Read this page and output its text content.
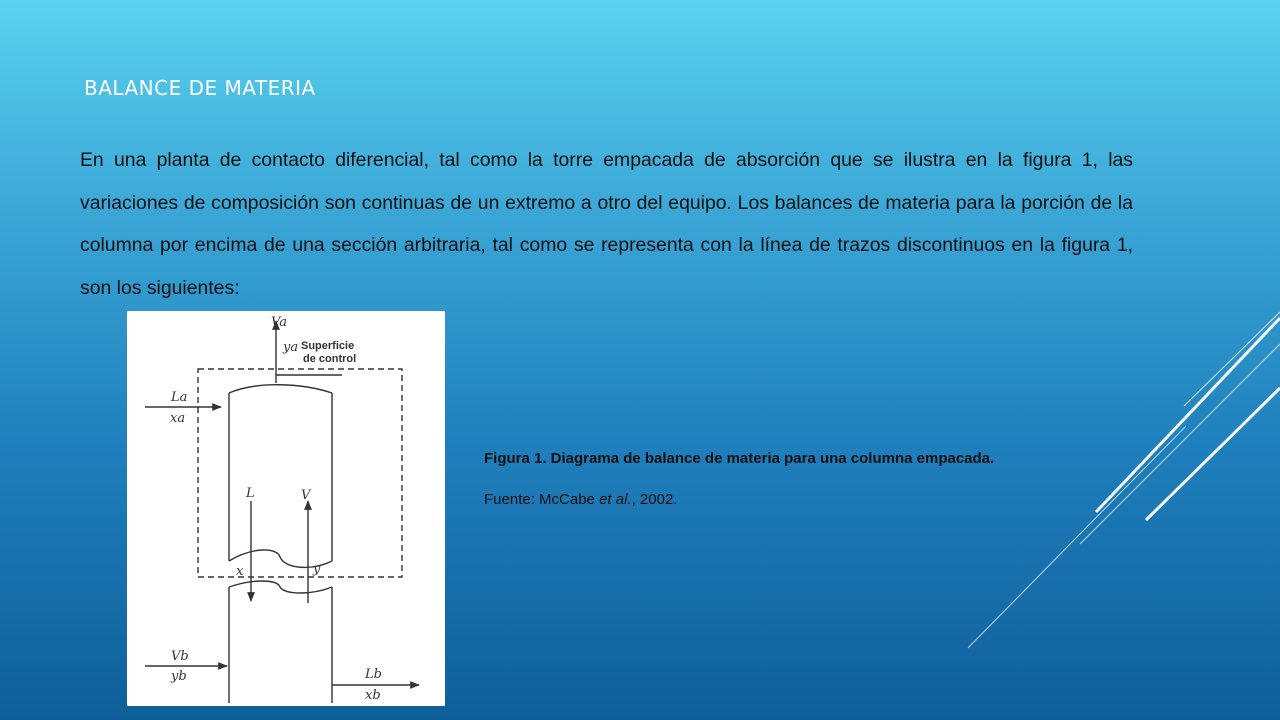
BALANCE DE MATERIA
En una planta de contacto diferencial, tal como la torre empacada de absorción que se ilustra en la figura 1, las variaciones de composición son continuas de un extremo a otro del equipo. Los balances de materia para la porción de la columna por encima de una sección arbitraria, tal como se representa con la línea de trazos discontinuos en la figura 1, son los siguientes:
Va
ya Superficie
de control
La
xa
L	V
x	y
Vb
yb	Lb
xb
Figura 1. Diagrama de balance de materia para una columna empacada.
Fuente: McCabe et al., 2002.
